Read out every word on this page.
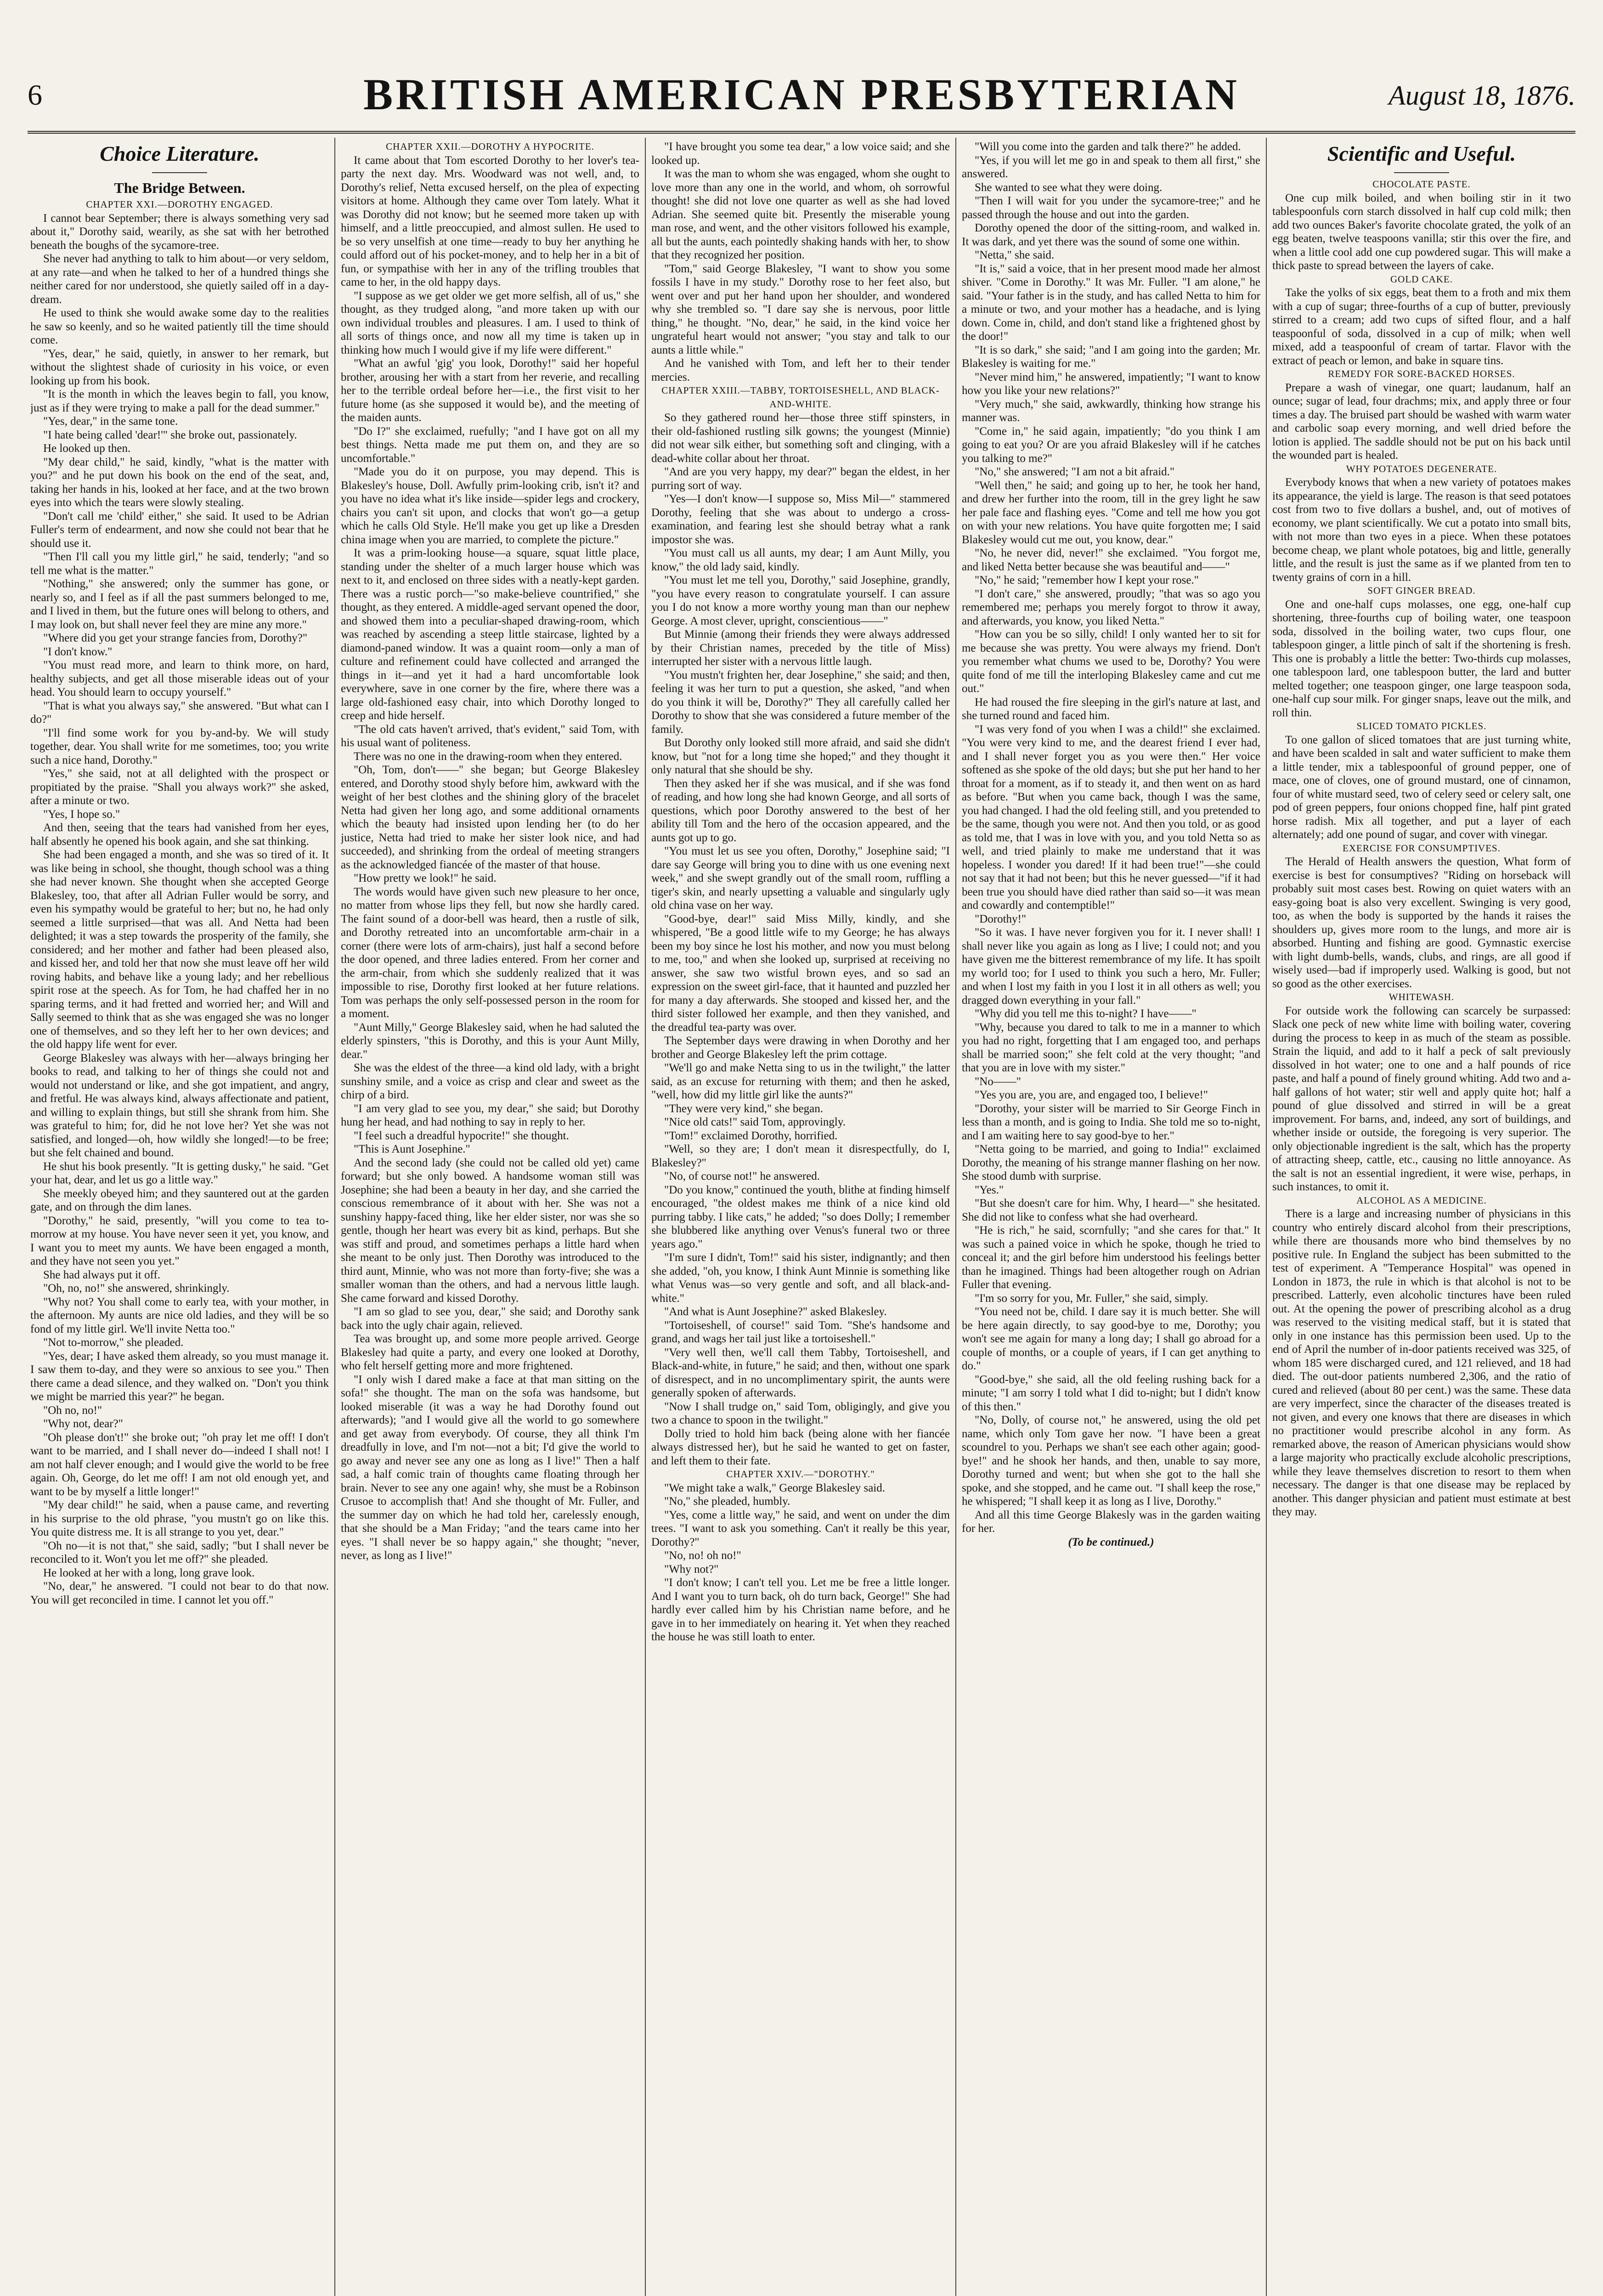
6	BRITISH AMERICAN PRESBYTERIAN	August 18, 1876.

Choice Literature.

The Bridge Between.

CHAPTER XXI.—DOROTHY ENGAGED.

I cannot bear September; there is always something very sad about it," Dorothy said, wearily, as she sat with her betrothed beneath the boughs of the sycamore-tree.

She never had anything to talk to him about—or very seldom, at any rate—and when he talked to her of a hundred things she neither cared for nor understood, she quietly sailed off in a day-dream.

He used to think she would awake some day to the realities he saw so keenly, and so he waited patiently till the time should come.

"Yes, dear," he said, quietly, in answer to her remark, but without the slightest shade of curiosity in his voice, or even looking up from his book.

"It is the month in which the leaves begin to fall, you know, just as if they were trying to make a pall for the dead summer."

"Yes, dear," in the same tone.

"I hate being called 'dear!'" she broke out, passionately.

He looked up then.

"My dear child," he said, kindly, "what is the matter with you?" and he put down his book on the end of the seat, and, taking her hands in his, looked at her face, and at the two brown eyes into which the tears were slowly stealing.

"Don't call me 'child' either," she said. It used to be Adrian Fuller's term of endearment, and now she could not bear that he should use it.

"Then I'll call you my little girl," he said, tenderly; "and so tell me what is the matter."

"Nothing," she answered; only the summer has gone, or nearly so, and I feel as if all the past summers belonged to me, and I lived in them, but the future ones will belong to others, and I may look on, but shall never feel they are mine any more."

"Where did you get your strange fancies from, Dorothy?"

"I don't know."

"You must read more, and learn to think more, on hard, healthy subjects, and get all those miserable ideas out of your head. You should learn to occupy yourself."

"That is what you always say," she answered. "But what can I do?"

"I'll find some work for you by-and-by. We will study together, dear. You shall write for me sometimes, too; you write such a nice hand, Dorothy."

"Yes," she said, not at all delighted with the prospect or propitiated by the praise. "Shall you always work?" she asked, after a minute or two.

"Yes, I hope so."

And then, seeing that the tears had vanished from her eyes, half absently he opened his book again, and she sat thinking.

She had been engaged a month, and she was so tired of it. It was like being in school, she thought, though school was a thing she had never known. She thought when she accepted George Blakesley, too, that after all Adrian Fuller would be sorry, and even his sympathy would be grateful to her; but no, he had only seemed a little surprised—that was all. And Netta had been delighted; it was a step towards the prosperity of the family, she considered; and her mother and father had been pleased also, and kissed her, and told her that now she must leave off her wild roving habits, and behave like a young lady; and her rebellious spirit rose at the speech. As for Tom, he had chaffed her in no sparing terms, and it had fretted and worried her; and Will and Sally seemed to think that as she was engaged she was no longer one of themselves, and so they left her to her own devices; and the old happy life went for ever.

George Blakesley was always with her—always bringing her books to read, and talking to her of things she could not and would not understand or like, and she got impatient, and angry, and fretful. He was always kind, always affectionate and patient, and willing to explain things, but still she shrank from him. She was grateful to him; for, did he not love her? Yet she was not satisfied, and longed—oh, how wildly she longed!—to be free; but she felt chained and bound.

He shut his book presently. "It is getting dusky," he said. "Get your hat, dear, and let us go a little way."

She meekly obeyed him; and they sauntered out at the garden gate, and on through the dim lanes.

"Dorothy," he said, presently, "will you come to tea to-morrow at my house. You have never seen it yet, you know, and I want you to meet my aunts. We have been engaged a month, and they have not seen you yet."

She had always put it off.

"Oh, no, no!" she answered, shrinkingly.

"Why not? You shall come to early tea, with your mother, in the afternoon. My aunts are nice old ladies, and they will be so fond of my little girl. We'll invite Netta too."

"Not to-morrow," she pleaded.

"Yes, dear; I have asked them already, so you must manage it. I saw them to-day, and they were so anxious to see you." Then there came a dead silence, and they walked on. "Don't you think we might be married this year?" he began.

"Oh no, no!"

"Why not, dear?"

"Oh please don't!" she broke out; "oh pray let me off! I don't want to be married, and I shall never do—indeed I shall not! I am not half clever enough; and I would give the world to be free again. Oh, George, do let me off! I am not old enough yet, and want to be by myself a little longer!"

"My dear child!" he said, when a pause came, and reverting in his surprise to the old phrase, "you mustn't go on like this. You quite distress me. It is all strange to you yet, dear."

"Oh no—it is not that," she said, sadly; "but I shall never be reconciled to it. Won't you let me off?" she pleaded.

He looked at her with a long, long grave look.

"No, dear," he answered. "I could not bear to do that now. You will get reconciled in time. I cannot let you off."

CHAPTER XXII.—DOROTHY A HYPOCRITE.

It came about that Tom escorted Dorothy to her lover's tea-party the next day. Mrs. Woodward was not well, and, to Dorothy's relief, Netta excused herself, on the plea of expecting visitors at home. Although they came over Tom lately. What it was Dorothy did not know; but he seemed more taken up with himself, and a little preoccupied, and almost sullen. He used to be so very unselfish at one time—ready to buy her anything he could afford out of his pocket-money, and to help her in a bit of fun, or sympathise with her in any of the trifling troubles that came to her, in the old happy days.

"I suppose as we get older we get more selfish, all of us," she thought, as they trudged along, "and more taken up with our own individual troubles and pleasures. I am. I used to think of all sorts of things once, and now all my time is taken up in thinking how much I would give if my life were different."

"What an awful 'gig' you look, Dorothy!" said her hopeful brother, arousing her with a start from her reverie, and recalling her to the terrible ordeal before her—i.e., the first visit to her future home (as she supposed it would be), and the meeting of the maiden aunts.

"Do I?" she exclaimed, ruefully; "and I have got on all my best things. Netta made me put them on, and they are so uncomfortable."

"Made you do it on purpose, you may depend. This is Blakesley's house, Doll. Awfully prim-looking crib, isn't it? and you have no idea what it's like inside—spider legs and crockery, chairs you can't sit upon, and clocks that won't go—a getup which he calls Old Style. He'll make you get up like a Dresden china image when you are married, to complete the picture."

It was a prim-looking house—a square, squat little place, standing under the shelter of a much larger house which was next to it, and enclosed on three sides with a neatly-kept garden. There was a rustic porch—"so make-believe countrified," she thought, as they entered. A middle-aged servant opened the door, and showed them into a peculiar-shaped drawing-room, which was reached by ascending a steep little staircase, lighted by a diamond-paned window. It was a quaint room—only a man of culture and refinement could have collected and arranged the things in it—and yet it had a hard uncomfortable look everywhere, save in one corner by the fire, where there was a large old-fashioned easy chair, into which Dorothy longed to creep and hide herself.

"The old cats haven't arrived, that's evident," said Tom, with his usual want of politeness.

There was no one in the drawing-room when they entered.

"Oh, Tom, don't——" she began; but George Blakesley entered, and Dorothy stood shyly before him, awkward with the weight of her best clothes and the shining glory of the bracelet Netta had given her long ago, and some additional ornaments which the beauty had insisted upon lending her (to do her justice, Netta had tried to make her sister look nice, and had succeeded), and shrinking from the ordeal of meeting strangers as the acknowledged fiancée of the master of that house.

"How pretty we look!" he said.

The words would have given such new pleasure to her once, no matter from whose lips they fell, but now she hardly cared. The faint sound of a door-bell was heard, then a rustle of silk, and Dorothy retreated into an uncomfortable arm-chair in a corner (there were lots of arm-chairs), just half a second before the door opened, and three ladies entered. From her corner and the arm-chair, from which she suddenly realized that it was impossible to rise, Dorothy first looked at her future relations. Tom was perhaps the only self-possessed person in the room for a moment.

"Aunt Milly," George Blakesley said, when he had saluted the elderly spinsters, "this is Dorothy, and this is your Aunt Milly, dear."

She was the eldest of the three—a kind old lady, with a bright sunshiny smile, and a voice as crisp and clear and sweet as the chirp of a bird.

"I am very glad to see you, my dear," she said; but Dorothy hung her head, and had nothing to say in reply to her.

"I feel such a dreadful hypocrite!" she thought.

"This is Aunt Josephine."

And the second lady (she could not be called old yet) came forward; but she only bowed. A handsome woman still was Josephine; she had been a beauty in her day, and she carried the conscious remembrance of it about with her. She was not a sunshiny happy-faced thing, like her elder sister, nor was she so gentle, though her heart was every bit as kind, perhaps. But she was stiff and proud, and sometimes perhaps a little hard when she meant to be only just. Then Dorothy was introduced to the third aunt, Minnie, who was not more than forty-five; she was a smaller woman than the others, and had a nervous little laugh. She came forward and kissed Dorothy.

"I am so glad to see you, dear," she said; and Dorothy sank back into the ugly chair again, relieved.

Tea was brought up, and some more people arrived. George Blakesley had quite a party, and every one looked at Dorothy, who felt herself getting more and more frightened.

"I only wish I dared make a face at that man sitting on the sofa!" she thought. The man on the sofa was handsome, but looked miserable (it was a way he had Dorothy found out afterwards); "and I would give all the world to go somewhere and get away from everybody. Of course, they all think I'm dreadfully in love, and I'm not—not a bit; I'd give the world to go away and never see any one as long as I live!" Then a half sad, a half comic train of thoughts came floating through her brain. Never to see any one again! why, she must be a Robinson Crusoe to accomplish that! And she thought of Mr. Fuller, and the summer day on which he had told her, carelessly enough, that she should be a Man Friday; "and the tears came into her eyes. "I shall never be so happy again," she thought; "never, never, as long as I live!"

"I have brought you some tea dear," a low voice said; and she looked up.

It was the man to whom she was engaged, whom she ought to love more than any one in the world, and whom, oh sorrowful thought! she did not love one quarter as well as she had loved Adrian. She seemed quite bit. Presently the miserable young man rose, and went, and the other visitors followed his example, all but the aunts, each pointedly shaking hands with her, to show that they recognized her position.

"Tom," said George Blakesley, "I want to show you some fossils I have in my study." Dorothy rose to her feet also, but went over and put her hand upon her shoulder, and wondered why she trembled so. "I dare say she is nervous, poor little thing," he thought. "No, dear," he said, in the kind voice her ungrateful heart would not answer; "you stay and talk to our aunts a little while."

And he vanished with Tom, and left her to their tender mercies.

CHAPTER XXIII.—TABBY, TORTOISESHELL, AND BLACK-AND-WHITE.

So they gathered round her—those three stiff spinsters, in their old-fashioned rustling silk gowns; the youngest (Minnie) did not wear silk either, but something soft and clinging, with a dead-white collar about her throat.

"And are you very happy, my dear?" began the eldest, in her purring sort of way.

"Yes—I don't know—I suppose so, Miss Mil—" stammered Dorothy, feeling that she was about to undergo a cross-examination, and fearing lest she should betray what a rank impostor she was.

"You must call us all aunts, my dear; I am Aunt Milly, you know," the old lady said, kindly.

"You must let me tell you, Dorothy," said Josephine, grandly, "you have every reason to congratulate yourself. I can assure you I do not know a more worthy young man than our nephew George. A most clever, upright, conscientious——"

But Minnie (among their friends they were always addressed by their Christian names, preceded by the title of Miss) interrupted her sister with a nervous little laugh.

"You mustn't frighten her, dear Josephine," she said; and then, feeling it was her turn to put a question, she asked, "and when do you think it will be, Dorothy?" They all carefully called her Dorothy to show that she was considered a future member of the family.

But Dorothy only looked still more afraid, and said she didn't know, but "not for a long time she hoped;" and they thought it only natural that she should be shy.

Then they asked her if she was musical, and if she was fond of reading, and how long she had known George, and all sorts of questions, which poor Dorothy answered to the best of her ability till Tom and the hero of the occasion appeared, and the aunts got up to go.

"You must let us see you often, Dorothy," Josephine said; "I dare say George will bring you to dine with us one evening next week," and she swept grandly out of the small room, ruffling a tiger's skin, and nearly upsetting a valuable and singularly ugly old china vase on her way.

"Good-bye, dear!" said Miss Milly, kindly, and she whispered, "Be a good little wife to my George; he has always been my boy since he lost his mother, and now you must belong to me, too," and when she looked up, surprised at receiving no answer, she saw two wistful brown eyes, and so sad an expression on the sweet girl-face, that it haunted and puzzled her for many a day afterwards. She stooped and kissed her, and the third sister followed her example, and then they vanished, and the dreadful tea-party was over.

The September days were drawing in when Dorothy and her brother and George Blakesley left the prim cottage.

"We'll go and make Netta sing to us in the twilight," the latter said, as an excuse for returning with them; and then he asked, "well, how did my little girl like the aunts?"

"They were very kind," she began.

"Nice old cats!" said Tom, approvingly.

"Tom!" exclaimed Dorothy, horrified.

"Well, so they are; I don't mean it disrespectfully, do I, Blakesley?"

"No, of course not!" he answered.

"Do you know," continued the youth, blithe at finding himself encouraged, "the oldest makes me think of a nice kind old purring tabby. I like cats," he added; "so does Dolly; I remember she blubbered like anything over Venus's funeral two or three years ago."

"I'm sure I didn't, Tom!" said his sister, indignantly; and then she added, "oh, you know, I think Aunt Minnie is something like what Venus was—so very gentle and soft, and all black-and-white."

"And what is Aunt Josephine?" asked Blakesley.

"Tortoiseshell, of course!" said Tom. "She's handsome and grand, and wags her tail just like a tortoiseshell."

"Very well then, we'll call them Tabby, Tortoiseshell, and Black-and-white, in future," he said; and then, without one spark of disrespect, and in no uncomplimentary spirit, the aunts were generally spoken of afterwards.

"Now I shall trudge on," said Tom, obligingly, and give you two a chance to spoon in the twilight."

Dolly tried to hold him back (being alone with her fiancée always distressed her), but he said he wanted to get on faster, and left them to their fate.

CHAPTER XXIV.—"DOROTHY."

"We might take a walk," George Blakesley said.

"No," she pleaded, humbly.

"Yes, come a little way," he said, and went on under the dim trees. "I want to ask you something. Can't it really be this year, Dorothy?"

"No, no! oh no!"

"Why not?"

"I don't know; I can't tell you. Let me be free a little longer. And I want you to turn back, oh do turn back, George!" She had hardly ever called him by his Christian name before, and he gave in to her immediately on hearing it. Yet when they reached the house he was still loath to enter.

"Will you come into the garden and talk there?" he added.

"Yes, if you will let me go in and speak to them all first," she answered.

She wanted to see what they were doing.

"Then I will wait for you under the sycamore-tree;" and he passed through the house and out into the garden.

Dorothy opened the door of the sitting-room, and walked in. It was dark, and yet there was the sound of some one within.

"Netta," she said.

"It is," said a voice, that in her present mood made her almost shiver. "Come in Dorothy." It was Mr. Fuller. "I am alone," he said. "Your father is in the study, and has called Netta to him for a minute or two, and your mother has a headache, and is lying down. Come in, child, and don't stand like a frightened ghost by the door!"

"It is so dark," she said; "and I am going into the garden; Mr. Blakesley is waiting for me."

"Never mind him," he answered, impatiently; "I want to know how you like your new relations?"

"Very much," she said, awkwardly, thinking how strange his manner was.

"Come in," he said again, impatiently; "do you think I am going to eat you? Or are you afraid Blakesley will if he catches you talking to me?"

"No," she answered; "I am not a bit afraid."

"Well then," he said; and going up to her, he took her hand, and drew her further into the room, till in the grey light he saw her pale face and flashing eyes. "Come and tell me how you got on with your new relations. You have quite forgotten me; I said Blakesley would cut me out, you know, dear."

"No, he never did, never!" she exclaimed. "You forgot me, and liked Netta better because she was beautiful and——"

"No," he said; "remember how I kept your rose."

"I don't care," she answered, proudly; "that was so ago you remembered me; perhaps you merely forgot to throw it away, and afterwards, you know, you liked Netta."

"How can you be so silly, child! I only wanted her to sit for me because she was pretty. You were always my friend. Don't you remember what chums we used to be, Dorothy? You were quite fond of me till the interloping Blakesley came and cut me out."

He had roused the fire sleeping in the girl's nature at last, and she turned round and faced him.

"I was very fond of you when I was a child!" she exclaimed. "You were very kind to me, and the dearest friend I ever had, and I shall never forget you as you were then." Her voice softened as she spoke of the old days; but she put her hand to her throat for a moment, as if to steady it, and then went on as hard as before. "But when you came back, though I was the same, you had changed. I had the old feeling still, and you pretended to be the same, though you were not. And then you told, or as good as told me, that I was in love with you, and you told Netta so as well, and tried plainly to make me understand that it was hopeless. I wonder you dared! If it had been true!"—she could not say that it had not been; but this he never guessed—"if it had been true you should have died rather than said so—it was mean and cowardly and contemptible!"

"Dorothy!"

"So it was. I have never forgiven you for it. I never shall! I shall never like you again as long as I live; I could not; and you have given me the bitterest remembrance of my life. It has spoilt my world too; for I used to think you such a hero, Mr. Fuller; and when I lost my faith in you I lost it in all others as well; you dragged down everything in your fall."

"Why did you tell me this to-night? I have——"

"Why, because you dared to talk to me in a manner to which you had no right, forgetting that I am engaged too, and perhaps shall be married soon;" she felt cold at the very thought; "and that you are in love with my sister."

"No——"

"Yes you are, you are, and engaged too, I believe!"

"Dorothy, your sister will be married to Sir George Finch in less than a month, and is going to India. She told me so to-night, and I am waiting here to say good-bye to her."

"Netta going to be married, and going to India!" exclaimed Dorothy, the meaning of his strange manner flashing on her now. She stood dumb with surprise.

"Yes."

"But she doesn't care for him. Why, I heard—" she hesitated. She did not like to confess what she had overheard.

"He is rich," he said, scornfully; "and she cares for that." It was such a pained voice in which he spoke, though he tried to conceal it; and the girl before him understood his feelings better than he imagined. Things had been altogether rough on Adrian Fuller that evening.

"I'm so sorry for you, Mr. Fuller," she said, simply.

"You need not be, child. I dare say it is much better. She will be here again directly, to say good-bye to me, Dorothy; you won't see me again for many a long day; I shall go abroad for a couple of months, or a couple of years, if I can get anything to do."

"Good-bye," she said, all the old feeling rushing back for a minute; "I am sorry I told what I did to-night; but I didn't know of this then."

"No, Dolly, of course not," he answered, using the old pet name, which only Tom gave her now. "I have been a great scoundrel to you. Perhaps we shan't see each other again; good-bye!" and he shook her hands, and then, unable to say more, Dorothy turned and went; but when she got to the hall she spoke, and she stopped, and he came out. "I shall keep the rose," he whispered; "I shall keep it as long as I live, Dorothy."

And all this time George Blakesly was in the garden waiting for her.

(To be continued.)

Scientific and Useful.

CHOCOLATE PASTE.

One cup milk boiled, and when boiling stir in it two tablespoonfuls corn starch dissolved in half cup cold milk; then add two ounces Baker's favorite chocolate grated, the yolk of an egg beaten, twelve teaspoons vanilla; stir this over the fire, and when a little cool add one cup powdered sugar. This will make a thick paste to spread between the layers of cake.

GOLD CAKE.

Take the yolks of six eggs, beat them to a froth and mix them with a cup of sugar; three-fourths of a cup of butter, previously stirred to a cream; add two cups of sifted flour, and a half teaspoonful of soda, dissolved in a cup of milk; when well mixed, add a teaspoonful of cream of tartar. Flavor with the extract of peach or lemon, and bake in square tins.

REMEDY FOR SORE-BACKED HORSES.

Prepare a wash of vinegar, one quart; laudanum, half an ounce; sugar of lead, four drachms; mix, and apply three or four times a day. The bruised part should be washed with warm water and carbolic soap every morning, and well dried before the lotion is applied. The saddle should not be put on his back until the wounded part is healed.

WHY POTATOES DEGENERATE.

Everybody knows that when a new variety of potatoes makes its appearance, the yield is large. The reason is that seed potatoes cost from two to five dollars a bushel, and, out of motives of economy, we plant scientifically. We cut a potato into small bits, with not more than two eyes in a piece. When these potatoes become cheap, we plant whole potatoes, big and little, generally little, and the result is just the same as if we planted from ten to twenty grains of corn in a hill.

SOFT GINGER BREAD.

One and one-half cups molasses, one egg, one-half cup shortening, three-fourths cup of boiling water, one teaspoon soda, dissolved in the boiling water, two cups flour, one tablespoon ginger, a little pinch of salt if the shortening is fresh. This one is probably a little the better: Two-thirds cup molasses, one tablespoon lard, one tablespoon butter, the lard and butter melted together; one teaspoon ginger, one large teaspoon soda, one-half cup sour milk. For ginger snaps, leave out the milk, and roll thin.

SLICED TOMATO PICKLES.

To one gallon of sliced tomatoes that are just turning white, and have been scalded in salt and water sufficient to make them a little tender, mix a tablespoonful of ground pepper, one of mace, one of cloves, one of ground mustard, one of cinnamon, four of white mustard seed, two of celery seed or celery salt, one pod of green peppers, four onions chopped fine, half pint grated horse radish. Mix all together, and put a layer of each alternately; add one pound of sugar, and cover with vinegar.

EXERCISE FOR CONSUMPTIVES.

The Herald of Health answers the question, What form of exercise is best for consumptives? "Riding on horseback will probably suit most cases best. Rowing on quiet waters with an easy-going boat is also very excellent. Swinging is very good, too, as when the body is supported by the hands it raises the shoulders up, gives more room to the lungs, and more air is absorbed. Hunting and fishing are good. Gymnastic exercise with light dumb-bells, wands, clubs, and rings, are all good if wisely used—bad if improperly used. Walking is good, but not so good as the other exercises.

WHITEWASH.

For outside work the following can scarcely be surpassed: Slack one peck of new white lime with boiling water, covering during the process to keep in as much of the steam as possible. Strain the liquid, and add to it half a peck of salt previously dissolved in hot water; one to one and a half pounds of rice paste, and half a pound of finely ground whiting. Add two and a-half gallons of hot water; stir well and apply quite hot; half a pound of glue dissolved and stirred in will be a great improvement. For barns, and, indeed, any sort of buildings, and whether inside or outside, the foregoing is very superior. The only objectionable ingredient is the salt, which has the property of attracting sheep, cattle, etc., causing no little annoyance. As the salt is not an essential ingredient, it were wise, perhaps, in such instances, to omit it.

ALCOHOL AS A MEDICINE.

There is a large and increasing number of physicians in this country who entirely discard alcohol from their prescriptions, while there are thousands more who bind themselves by no positive rule. In England the subject has been submitted to the test of experiment. A "Temperance Hospital" was opened in London in 1873, the rule in which is that alcohol is not to be prescribed. Latterly, even alcoholic tinctures have been ruled out. At the opening the power of prescribing alcohol as a drug was reserved to the visiting medical staff, but it is stated that only in one instance has this permission been used. Up to the end of April the number of in-door patients received was 325, of whom 185 were discharged cured, and 121 relieved, and 18 had died. The out-door patients numbered 2,306, and the ratio of cured and relieved (about 80 per cent.) was the same. These data are very imperfect, since the character of the diseases treated is not given, and every one knows that there are diseases in which no practitioner would prescribe alcohol in any form. As remarked above, the reason of American physicians would show a large majority who practically exclude alcoholic prescriptions, while they leave themselves discretion to resort to them when necessary. The danger is that one disease may be replaced by another. This danger physician and patient must estimate at best they may.
